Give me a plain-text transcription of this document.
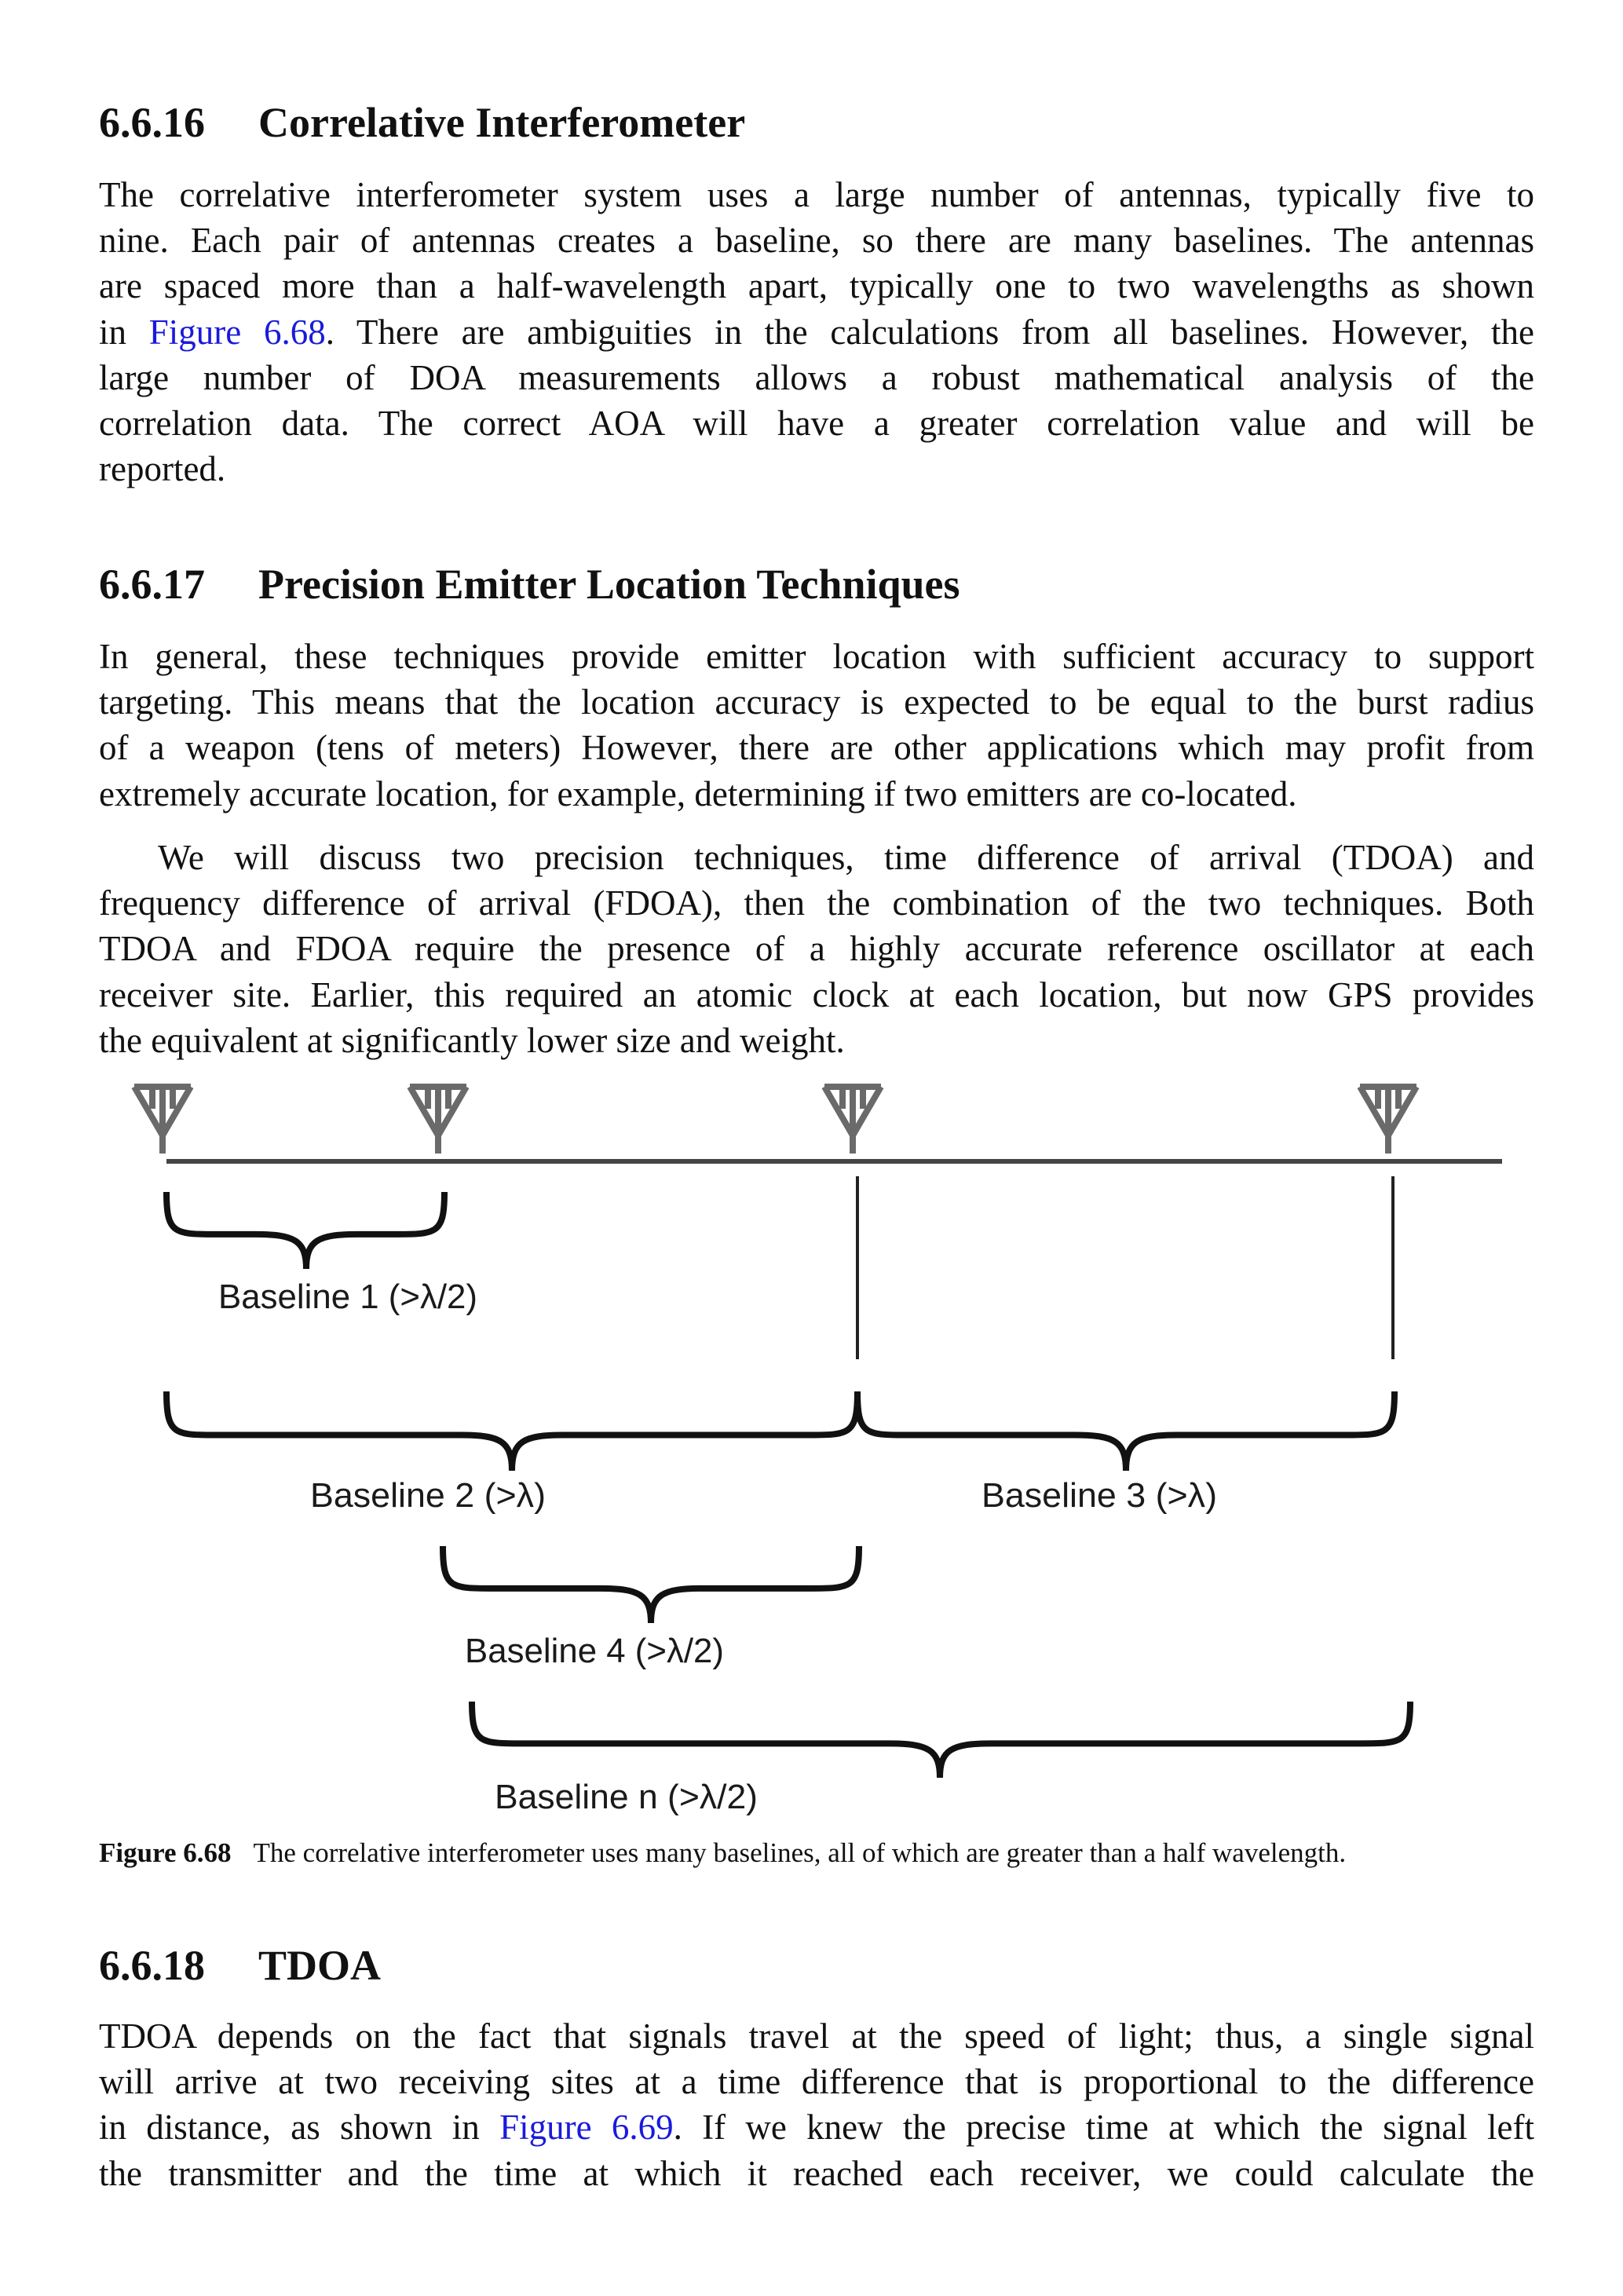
6.6.16 Correlative Interferometer
The correlative interferometer system uses a large number of antennas, typically five to
nine. Each pair of antennas creates a baseline, so there are many baselines. The antennas
are spaced more than a half-wavelength apart, typically one to two wavelengths as shown
in Figure 6.68. There are ambiguities in the calculations from all baselines. However, the
large number of DOA measurements allows a robust mathematical analysis of the
correlation data. The correct AOA will have a greater correlation value and will be
reported.
6.6.17 Precision Emitter Location Techniques
In general, these techniques provide emitter location with sufficient accuracy to support
targeting. This means that the location accuracy is expected to be equal to the burst radius
of a weapon (tens of meters) However, there are other applications which may profit from
extremely accurate location, for example, determining if two emitters are co-located.
We will discuss two precision techniques, time difference of arrival (TDOA) and
frequency difference of arrival (FDOA), then the combination of the two techniques. Both
TDOA and FDOA require the presence of a highly accurate reference oscillator at each
receiver site. Earlier, this required an atomic clock at each location, but now GPS provides
the equivalent at significantly lower size and weight.
Baseline 1 (>λ/2)
Baseline 2 (>λ)	Baseline 3 (>λ)
Baseline 4 (>λ/2)
Baseline n (>λ/2)
Figure 6.68 The correlative interferometer uses many baselines, all of which are greater than a half wavelength.
6.6.18 TDOA
TDOA depends on the fact that signals travel at the speed of light; thus, a single signal
will arrive at two receiving sites at a time difference that is proportional to the difference
in distance, as shown in Figure 6.69. If we knew the precise time at which the signal left
the transmitter and the time at which it reached each receiver, we could calculate the
